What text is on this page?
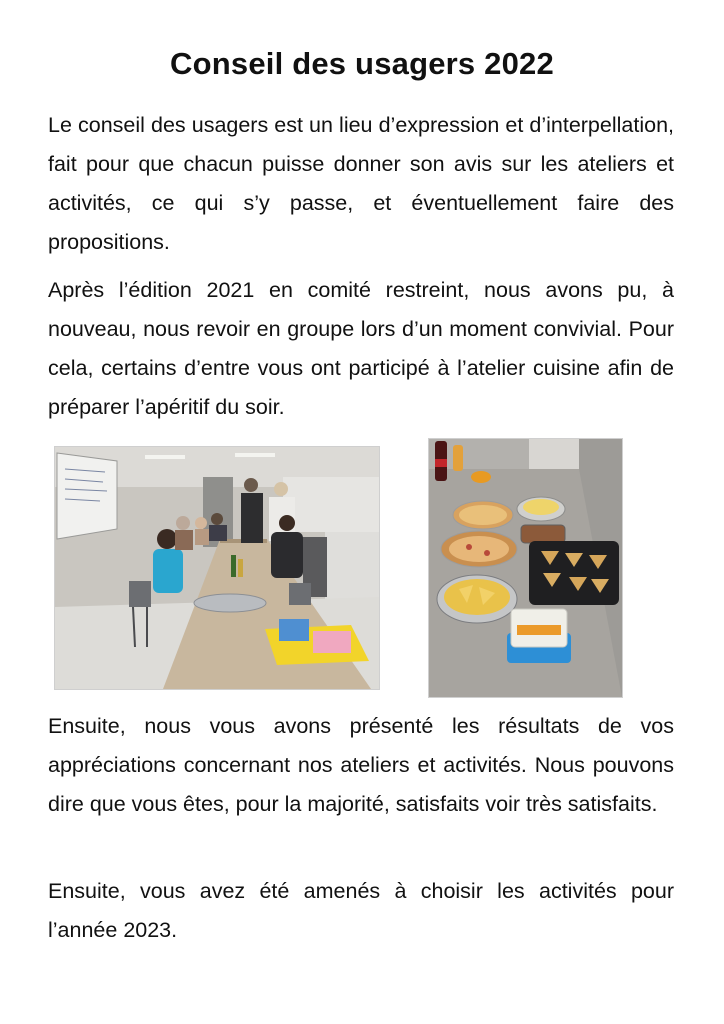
Conseil des usagers 2022

Le conseil des usagers est un lieu d’expression et d’interpellation, fait pour que chacun puisse donner son avis sur les ateliers et activités, ce qui s’y passe, et éventuellement faire des propositions.

Après l’édition 2021 en comité restreint, nous avons pu, à nouveau, nous revoir en groupe lors d’un moment convivial. Pour cela, certains d’entre vous ont participé à l’atelier cuisine afin de préparer l’apéritif du soir.

Ensuite, nous vous avons présenté les résultats de vos appréciations concernant nos ateliers et activités. Nous pouvons dire que vous êtes, pour la majorité, satisfaits voir très satisfaits.

Ensuite, vous avez été amenés à choisir les activités pour l’année 2023.
